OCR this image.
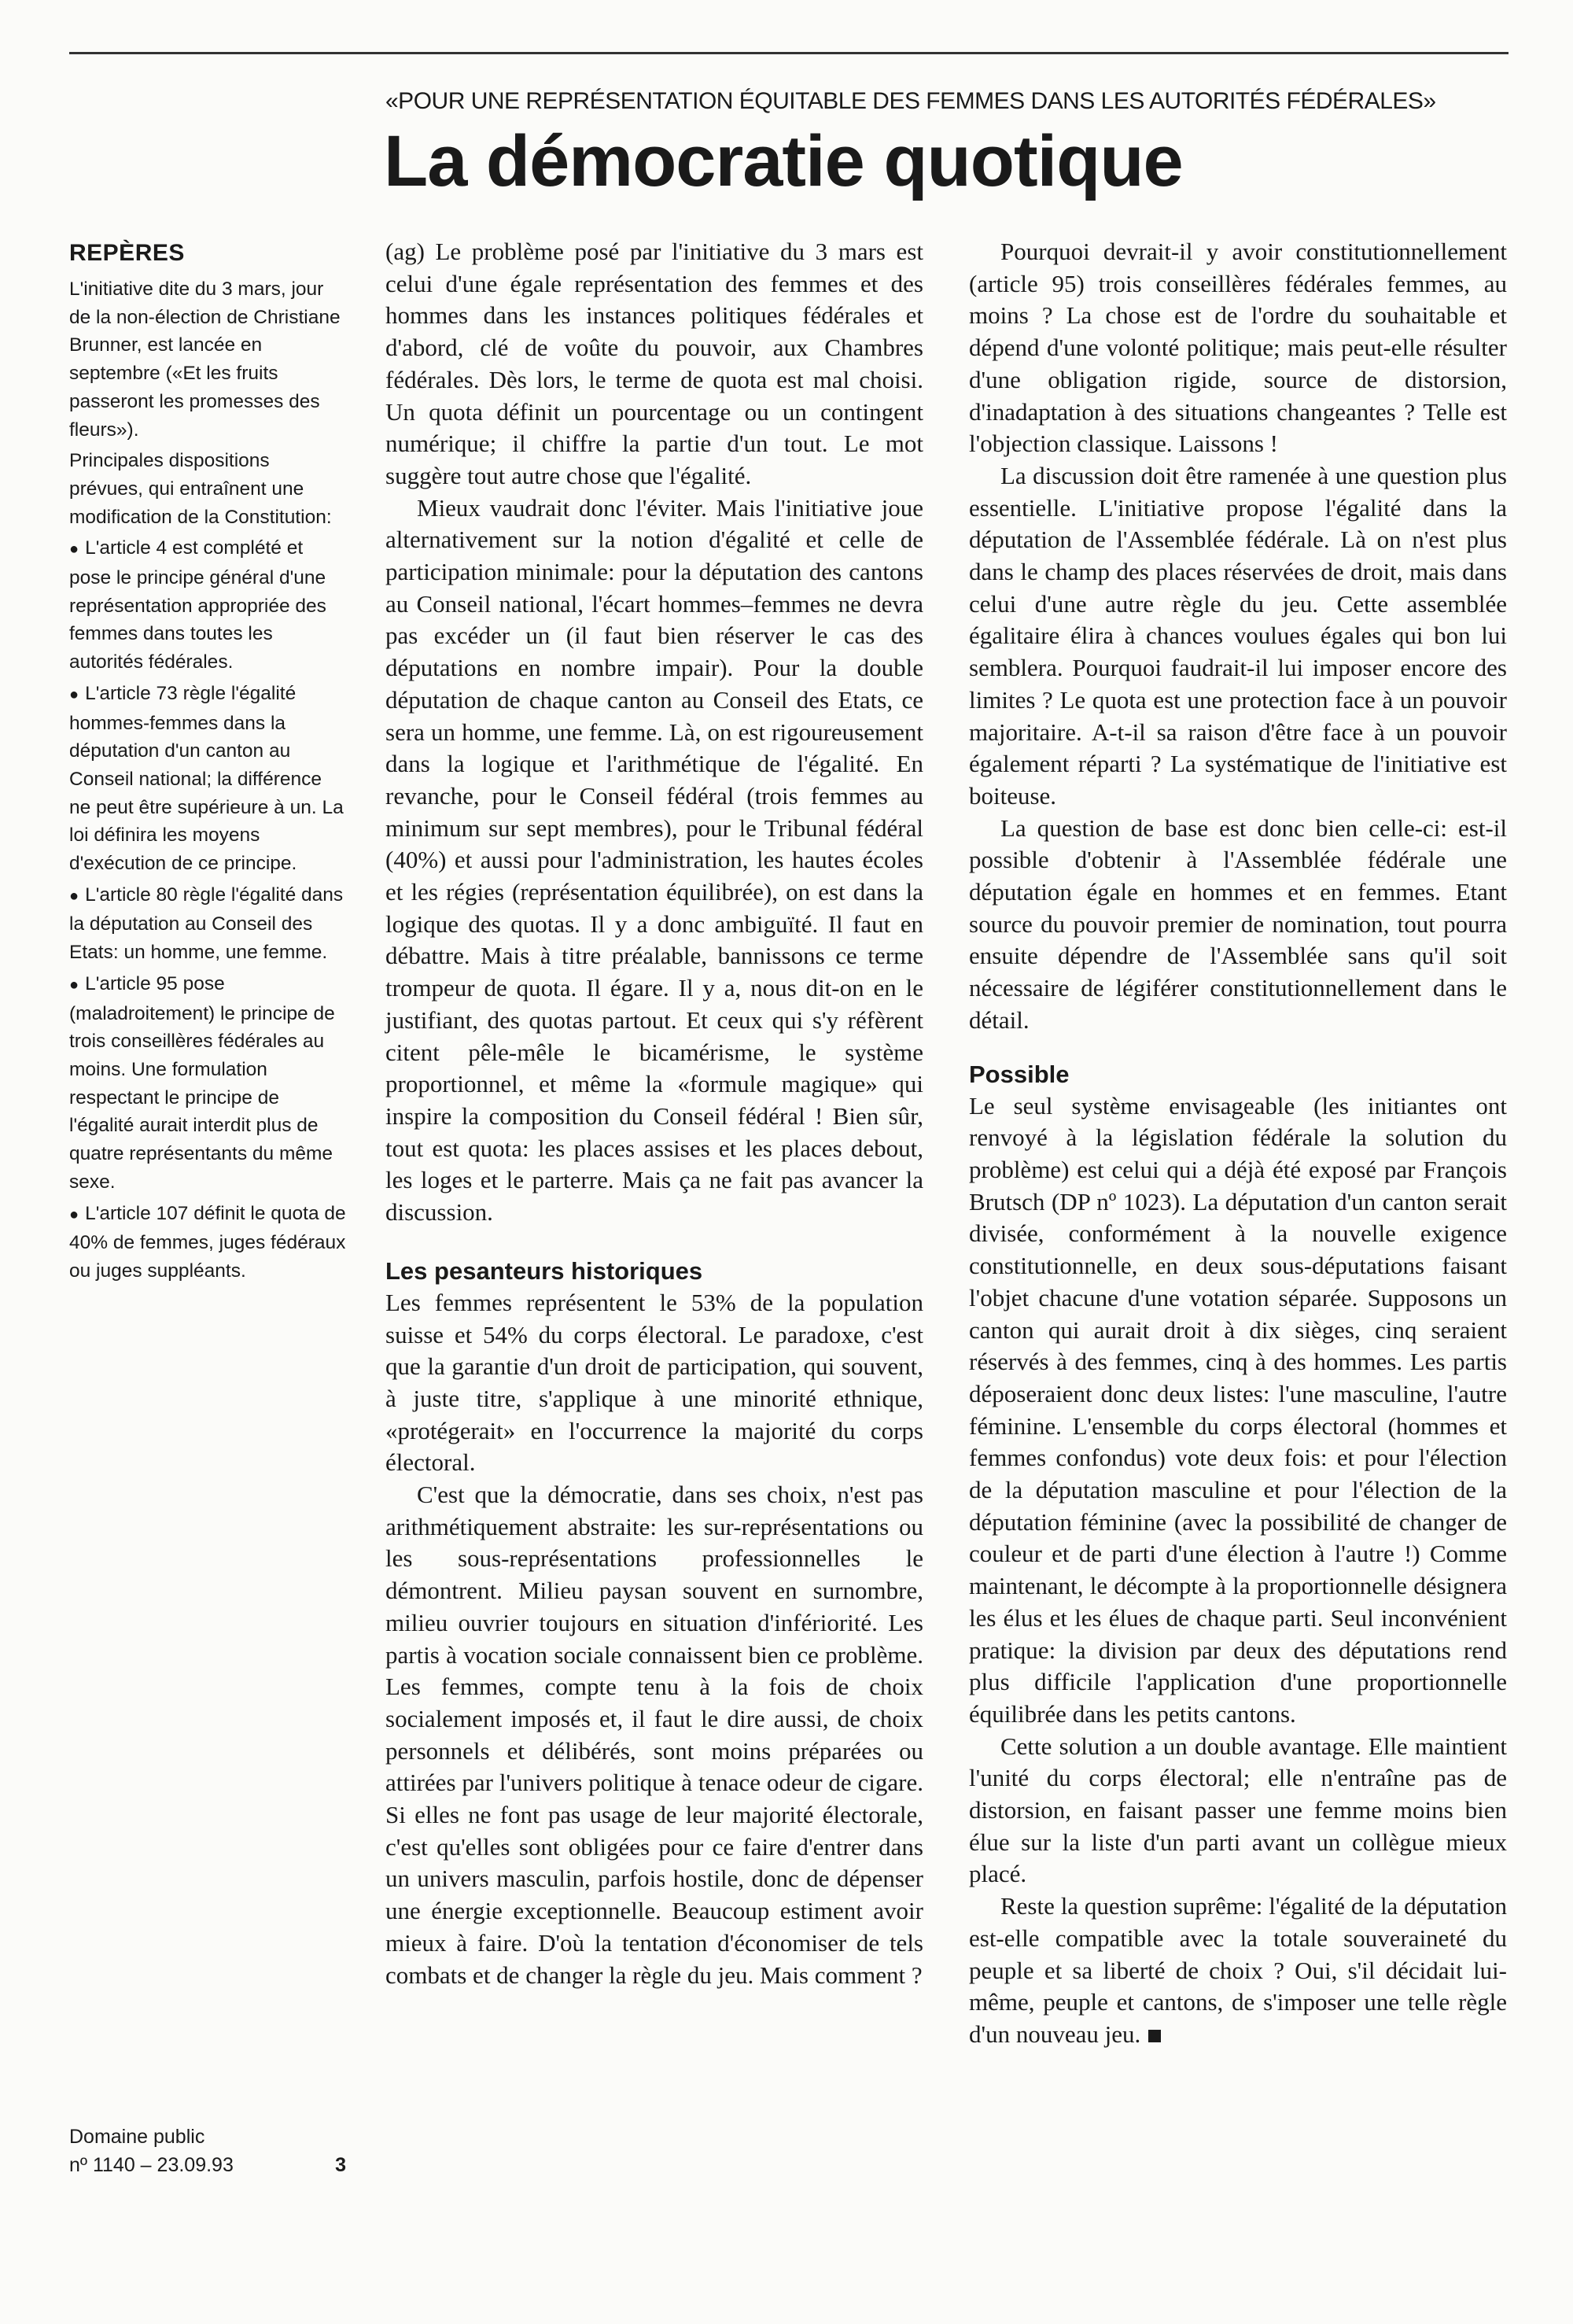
«POUR UNE REPRÉSENTATION ÉQUITABLE DES FEMMES DANS LES AUTORITÉS FÉDÉRALES»
La démocratie quotique
REPÈRES

L'initiative dite du 3 mars, jour de la non-élection de Christiane Brunner, est lancée en septembre («Et les fruits passeront les promesses des fleurs»).

Principales dispositions prévues, qui entraînent une modification de la Constitution:

● L'article 4 est complété et pose le principe général d'une représentation appropriée des femmes dans toutes les autorités fédérales.

● L'article 73 règle l'égalité hommes-femmes dans la députation d'un canton au Conseil national; la différence ne peut être supérieure à un. La loi définira les moyens d'exécution de ce principe.

● L'article 80 règle l'égalité dans la députation au Conseil des Etats: un homme, une femme.

● L'article 95 pose (maladroitement) le principe de trois conseillères fédérales au moins. Une formulation respectant le principe de l'égalité aurait interdit plus de quatre représentants du même sexe.

● L'article 107 définit le quota de 40% de femmes, juges fédéraux ou juges suppléants.

Domaine public
nº 1140 – 23.09.93	3

(ag) Le problème posé par l'initiative du 3 mars est celui d'une égale représentation des femmes et des hommes dans les instances politiques fédérales et d'abord, clé de voûte du pouvoir, aux Chambres fédérales. Dès lors, le terme de quota est mal choisi. Un quota définit un pourcentage ou un contingent numérique; il chiffre la partie d'un tout. Le mot suggère tout autre chose que l'égalité.

Mieux vaudrait donc l'éviter. Mais l'initiative joue alternativement sur la notion d'égalité et celle de participation minimale: pour la députation des cantons au Conseil national, l'écart hommes–femmes ne devra pas excéder un (il faut bien réserver le cas des députations en nombre impair). Pour la double députation de chaque canton au Conseil des Etats, ce sera un homme, une femme. Là, on est rigoureusement dans la logique et l'arithmétique de l'égalité. En revanche, pour le Conseil fédéral (trois femmes au minimum sur sept membres), pour le Tribunal fédéral (40%) et aussi pour l'administration, les hautes écoles et les régies (représentation équilibrée), on est dans la logique des quotas. Il y a donc ambiguïté. Il faut en débattre. Mais à titre préalable, bannissons ce terme trompeur de quota. Il égare. Il y a, nous dit-on en le justifiant, des quotas partout. Et ceux qui s'y réfèrent citent pêle-mêle le bicamérisme, le système proportionnel, et même la «formule magique» qui inspire la composition du Conseil fédéral ! Bien sûr, tout est quota: les places assises et les places debout, les loges et le parterre. Mais ça ne fait pas avancer la discussion.

Les pesanteurs historiques

Les femmes représentent le 53% de la population suisse et 54% du corps électoral. Le paradoxe, c'est que la garantie d'un droit de participation, qui souvent, à juste titre, s'applique à une minorité ethnique, «protégerait» en l'occurrence la majorité du corps électoral.

C'est que la démocratie, dans ses choix, n'est pas arithmétiquement abstraite: les sur-représentations ou les sous-représentations professionnelles le démontrent. Milieu paysan souvent en surnombre, milieu ouvrier toujours en situation d'infériorité. Les partis à vocation sociale connaissent bien ce problème. Les femmes, compte tenu à la fois de choix socialement imposés et, il faut le dire aussi, de choix personnels et délibérés, sont moins préparées ou attirées par l'univers politique à tenace odeur de cigare. Si elles ne font pas usage de leur majorité électorale, c'est qu'elles sont obligées pour ce faire d'entrer dans un univers masculin, parfois hostile, donc de dépenser une énergie exceptionnelle. Beaucoup estiment avoir mieux à faire. D'où la tentation d'économiser de tels combats et de changer la règle du jeu. Mais comment ?

Pourquoi devrait-il y avoir constitutionnellement (article 95) trois conseillères fédérales femmes, au moins ? La chose est de l'ordre du souhaitable et dépend d'une volonté politique; mais peut-elle résulter d'une obligation rigide, source de distorsion, d'inadaptation à des situations changeantes ? Telle est l'objection classique. Laissons !

La discussion doit être ramenée à une question plus essentielle. L'initiative propose l'égalité dans la députation de l'Assemblée fédérale. Là on n'est plus dans le champ des places réservées de droit, mais dans celui d'une autre règle du jeu. Cette assemblée égalitaire élira à chances voulues égales qui bon lui semblera. Pourquoi faudrait-il lui imposer encore des limites ? Le quota est une protection face à un pouvoir majoritaire. A-t-il sa raison d'être face à un pouvoir également réparti ? La systématique de l'initiative est boiteuse.

La question de base est donc bien celle-ci: est-il possible d'obtenir à l'Assemblée fédérale une députation égale en hommes et en femmes. Etant source du pouvoir premier de nomination, tout pourra ensuite dépendre de l'Assemblée sans qu'il soit nécessaire de légiférer constitutionnellement dans le détail.

Possible

Le seul système envisageable (les initiantes ont renvoyé à la législation fédérale la solution du problème) est celui qui a déjà été exposé par François Brutsch (DP nº 1023). La députation d'un canton serait divisée, conformément à la nouvelle exigence constitutionnelle, en deux sous-députations faisant l'objet chacune d'une votation séparée. Supposons un canton qui aurait droit à dix sièges, cinq seraient réservés à des femmes, cinq à des hommes. Les partis déposeraient donc deux listes: l'une masculine, l'autre féminine. L'ensemble du corps électoral (hommes et femmes confondus) vote deux fois: et pour l'élection de la députation masculine et pour l'élection de la députation féminine (avec la possibilité de changer de couleur et de parti d'une élection à l'autre !) Comme maintenant, le décompte à la proportionnelle désignera les élus et les élues de chaque parti. Seul inconvénient pratique: la division par deux des députations rend plus difficile l'application d'une proportionnelle équilibrée dans les petits cantons.

Cette solution a un double avantage. Elle maintient l'unité du corps électoral; elle n'entraîne pas de distorsion, en faisant passer une femme moins bien élue sur la liste d'un parti avant un collègue mieux placé.

Reste la question suprême: l'égalité de la députation est-elle compatible avec la totale souveraineté du peuple et sa liberté de choix ? Oui, s'il décidait lui-même, peuple et cantons, de s'imposer une telle règle d'un nouveau jeu.
